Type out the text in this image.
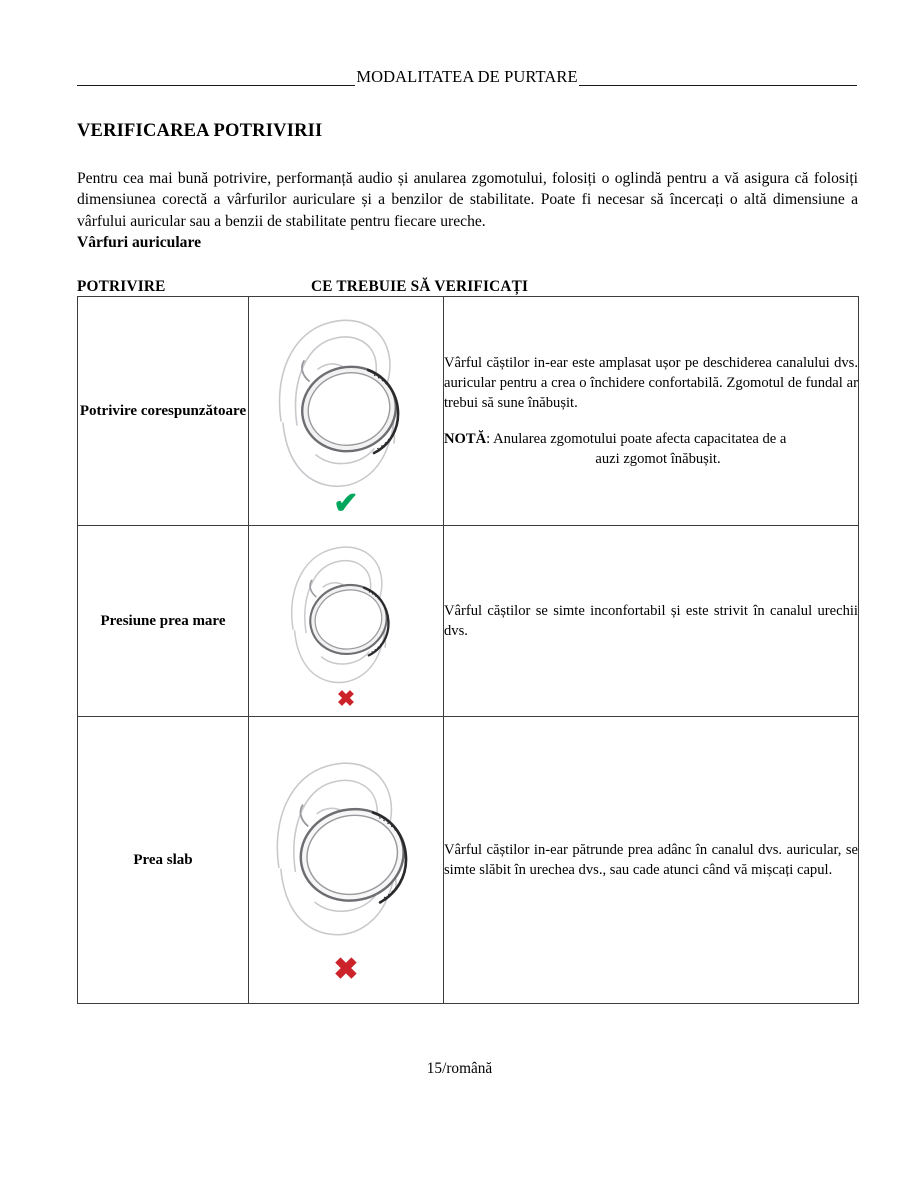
MODALITATEA DE PURTARE
VERIFICAREA POTRIVIRII

Pentru cea mai bună potrivire, performanță audio și anularea zgomotului, folosiți o oglindă pentru a vă asigura că folosiți dimensiunea corectă a vârfurilor auriculare și a benzilor de stabilitate. Poate fi necesar să încercați o altă dimensiune a vârfului auricular sau a benzii de stabilitate pentru fiecare ureche.

Vârfuri auriculare
POTRIVIRE	CE TREBUIE SĂ VERIFICAȚI
Potrivire corespunzătoare	✔	Vârful căștilor in-ear este amplasat ușor pe deschiderea canalului dvs. auricular pentru a crea o închidere confortabilă. Zgomotul de fundal ar trebui să sune înăbușit.
NOTĂ: Anularea zgomotului poate afecta capacitatea de a
auzi zgomot înăbușit.

Presiune prea mare	✖	Vârful căștilor se simte inconfortabil și este strivit în canalul urechii dvs.

Prea slab	✖	Vârful căștilor in-ear pătrunde prea adânc în canalul dvs. auricular, se simte slăbit în urechea dvs., sau cade atunci când vă mișcați capul.
15/română
